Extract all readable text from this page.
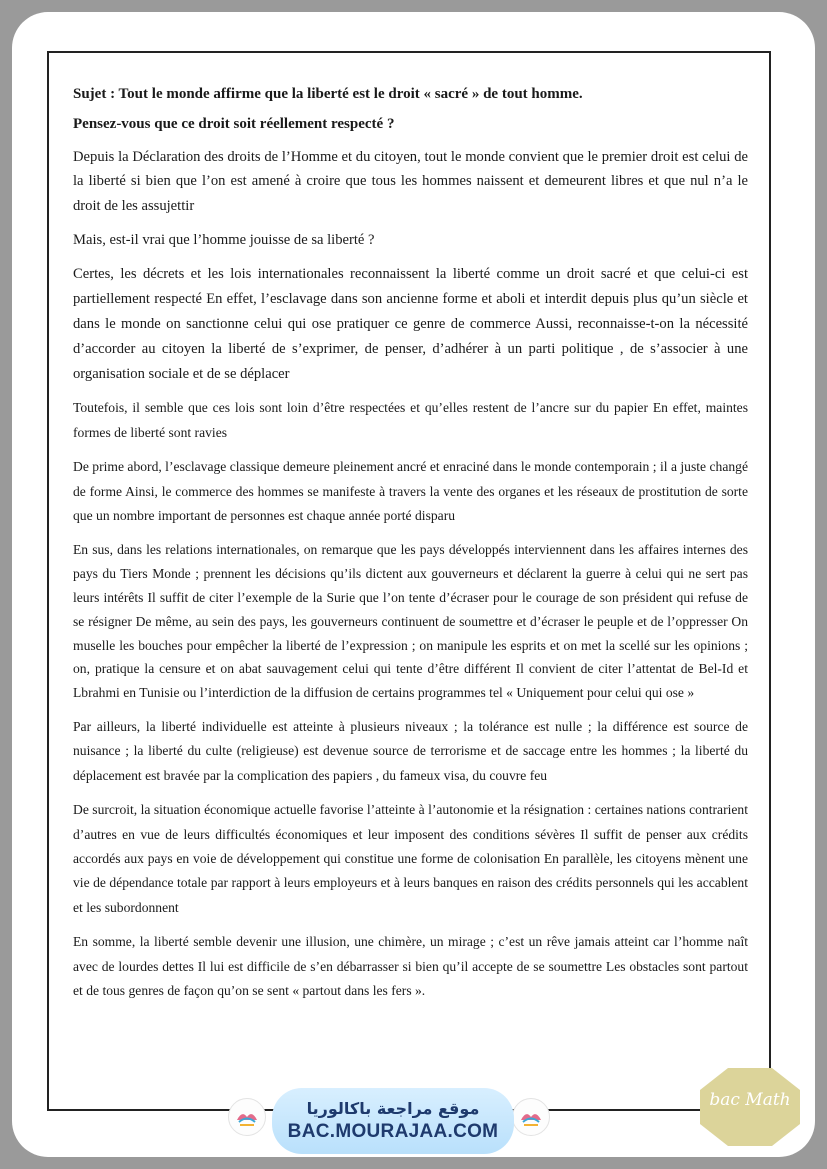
Sujet : Tout le monde affirme que la liberté est le droit « sacré » de tout homme.

Pensez-vous que ce droit soit réellement respecté ?

Depuis la Déclaration des droits de l’Homme et du citoyen, tout le monde convient que le premier droit est celui de la liberté si bien que l’on est amené à croire que tous les hommes naissent et demeurent libres et que nul n’a le droit de les assujettir

Mais, est-il vrai que l’homme jouisse de sa liberté ?

Certes, les décrets et les lois internationales reconnaissent la liberté comme un droit sacré et que celui-ci est partiellement respecté En effet, l’esclavage dans son ancienne forme et aboli et interdit depuis plus qu’un siècle et dans le monde on sanctionne celui qui ose pratiquer ce genre de commerce Aussi, reconnaisse-t-on la nécessité d’accorder au citoyen la liberté de s’exprimer, de penser, d’adhérer à un parti politique , de s’associer à une organisation sociale et de se déplacer

Toutefois, il semble que ces lois sont loin d’être respectées et qu’elles restent de l’ancre sur du papier En effet, maintes formes de liberté sont ravies

De prime abord, l’esclavage classique demeure pleinement ancré et enraciné dans le monde contemporain ; il a juste changé de forme Ainsi, le commerce des hommes se manifeste à travers la vente des organes et les réseaux de prostitution de sorte que un nombre important de personnes est chaque année porté disparu

En sus, dans les relations internationales, on remarque que les pays développés interviennent dans les affaires internes des pays du Tiers Monde ; prennent les décisions qu’ils dictent aux gouverneurs et déclarent la guerre à celui qui ne sert pas leurs intérêts Il suffit de citer l’exemple de la Surie que l’on tente d’écraser pour le courage de son président qui refuse de se résigner De même, au sein des pays, les gouverneurs continuent de soumettre et d’écraser le peuple et de l’oppresser On muselle les bouches pour empêcher la liberté de l’expression ; on manipule les esprits et on met la scellé sur les opinions ; on, pratique la censure et on abat sauvagement celui qui tente d’être différent Il convient de citer l’attentat de Bel-Id et Lbrahmi en Tunisie ou l’interdiction de la diffusion de certains programmes tel « Uniquement pour celui qui ose »

Par ailleurs, la liberté individuelle est atteinte à plusieurs niveaux ; la tolérance est nulle ; la différence est source de nuisance ; la liberté du culte (religieuse) est devenue source de terrorisme et de saccage entre les hommes ; la liberté du déplacement est bravée par la complication des papiers , du fameux visa, du couvre feu

De surcroit, la situation économique actuelle favorise l’atteinte à l’autonomie et la résignation : certaines nations contrarient d’autres en vue de leurs difficultés économiques et leur imposent des conditions sévères Il suffit de penser aux crédits accordés aux pays en voie de développement qui constitue une forme de colonisation En parallèle, les citoyens mènent une vie de dépendance totale par rapport à leurs employeurs et à leurs banques en raison des crédits personnels qui les accablent et les subordonnent

En somme, la liberté semble devenir une illusion, une chimère, un mirage ; c’est un rêve jamais atteint car l’homme naît avec de lourdes dettes Il lui est difficile de s’en débarrasser si bien qu’il accepte de se soumettre Les obstacles sont partout et de tous genres de façon qu’on se sent « partout dans les fers ».

موقع مراجعة باكالوريا
BAC.MOURAJAA.COM
bac Math
